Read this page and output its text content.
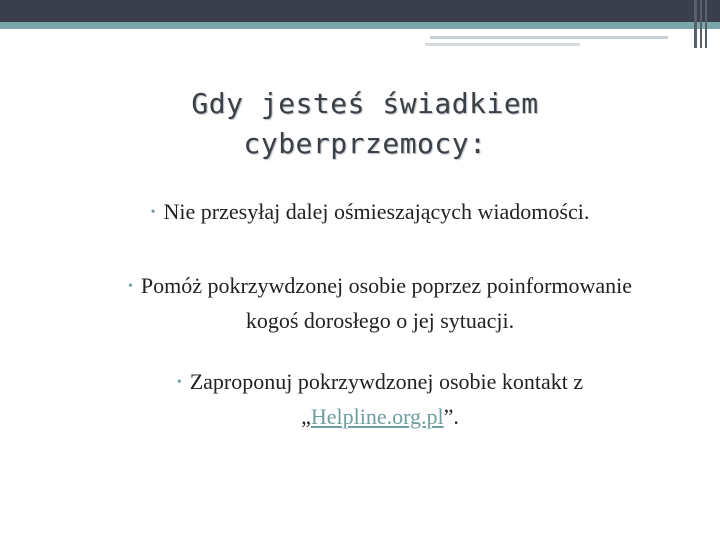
Gdy jesteś świadkiem
cyberprzemocy:
• Nie przesyłaj dalej ośmieszających wiadomości.
• Pomóż pokrzywdzonej osobie poprzez poinformowanie
kogoś dorosłego o jej sytuacji.
• Zaproponuj pokrzywdzonej osobie kontakt z
„Helpline.org.pl”.
